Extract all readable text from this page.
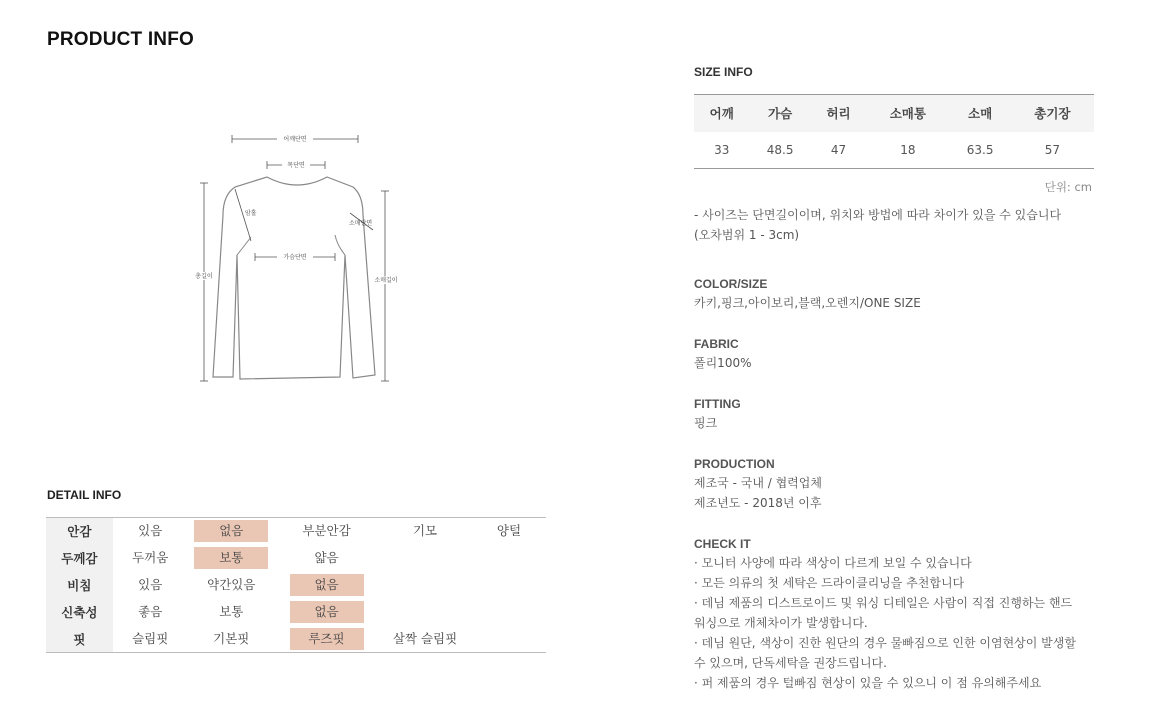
PRODUCT INFO
어깨단면
목단면
암홀
소매단면
가슴단면
총길이
소매길이
DETAIL INFO
안감	있음	없음	부분안감	기모	양털
두께감	두꺼움	보통	얇음		
비침	있음	약간있음	없음		
신축성	좋음	보통	없음		
핏	슬림핏	기본핏	루즈핏	살짝 슬림핏	
SIZE INFO
어깨	가슴	허리	소매통	소매	총기장
33	48.5	47	18	63.5	57
단위: cm
- 사이즈는 단면길이이며, 위치와 방법에 따라 차이가 있을 수 있습니다
(오차범위 1 - 3cm)
COLOR/SIZE
카키,핑크,아이보리,블랙,오렌지/ONE SIZE
FABRIC
폴리100%
FITTING
핑크
PRODUCTION
제조국 - 국내 / 협력업체
제조년도 - 2018년 이후
CHECK IT
· 모니터 사양에 따라 색상이 다르게 보일 수 있습니다
· 모든 의류의 첫 세탁은 드라이클리닝을 추천합니다
· 데님 제품의 디스트로이드 및 워싱 디테일은 사람이 직접 진행하는 핸드
워싱으로 개체차이가 발생합니다.
· 데님 원단, 색상이 진한 원단의 경우 물빠짐으로 인한 이염현상이 발생할
수 있으며, 단독세탁을 권장드립니다.
· 퍼 제품의 경우 털빠짐 현상이 있을 수 있으니 이 점 유의해주세요
